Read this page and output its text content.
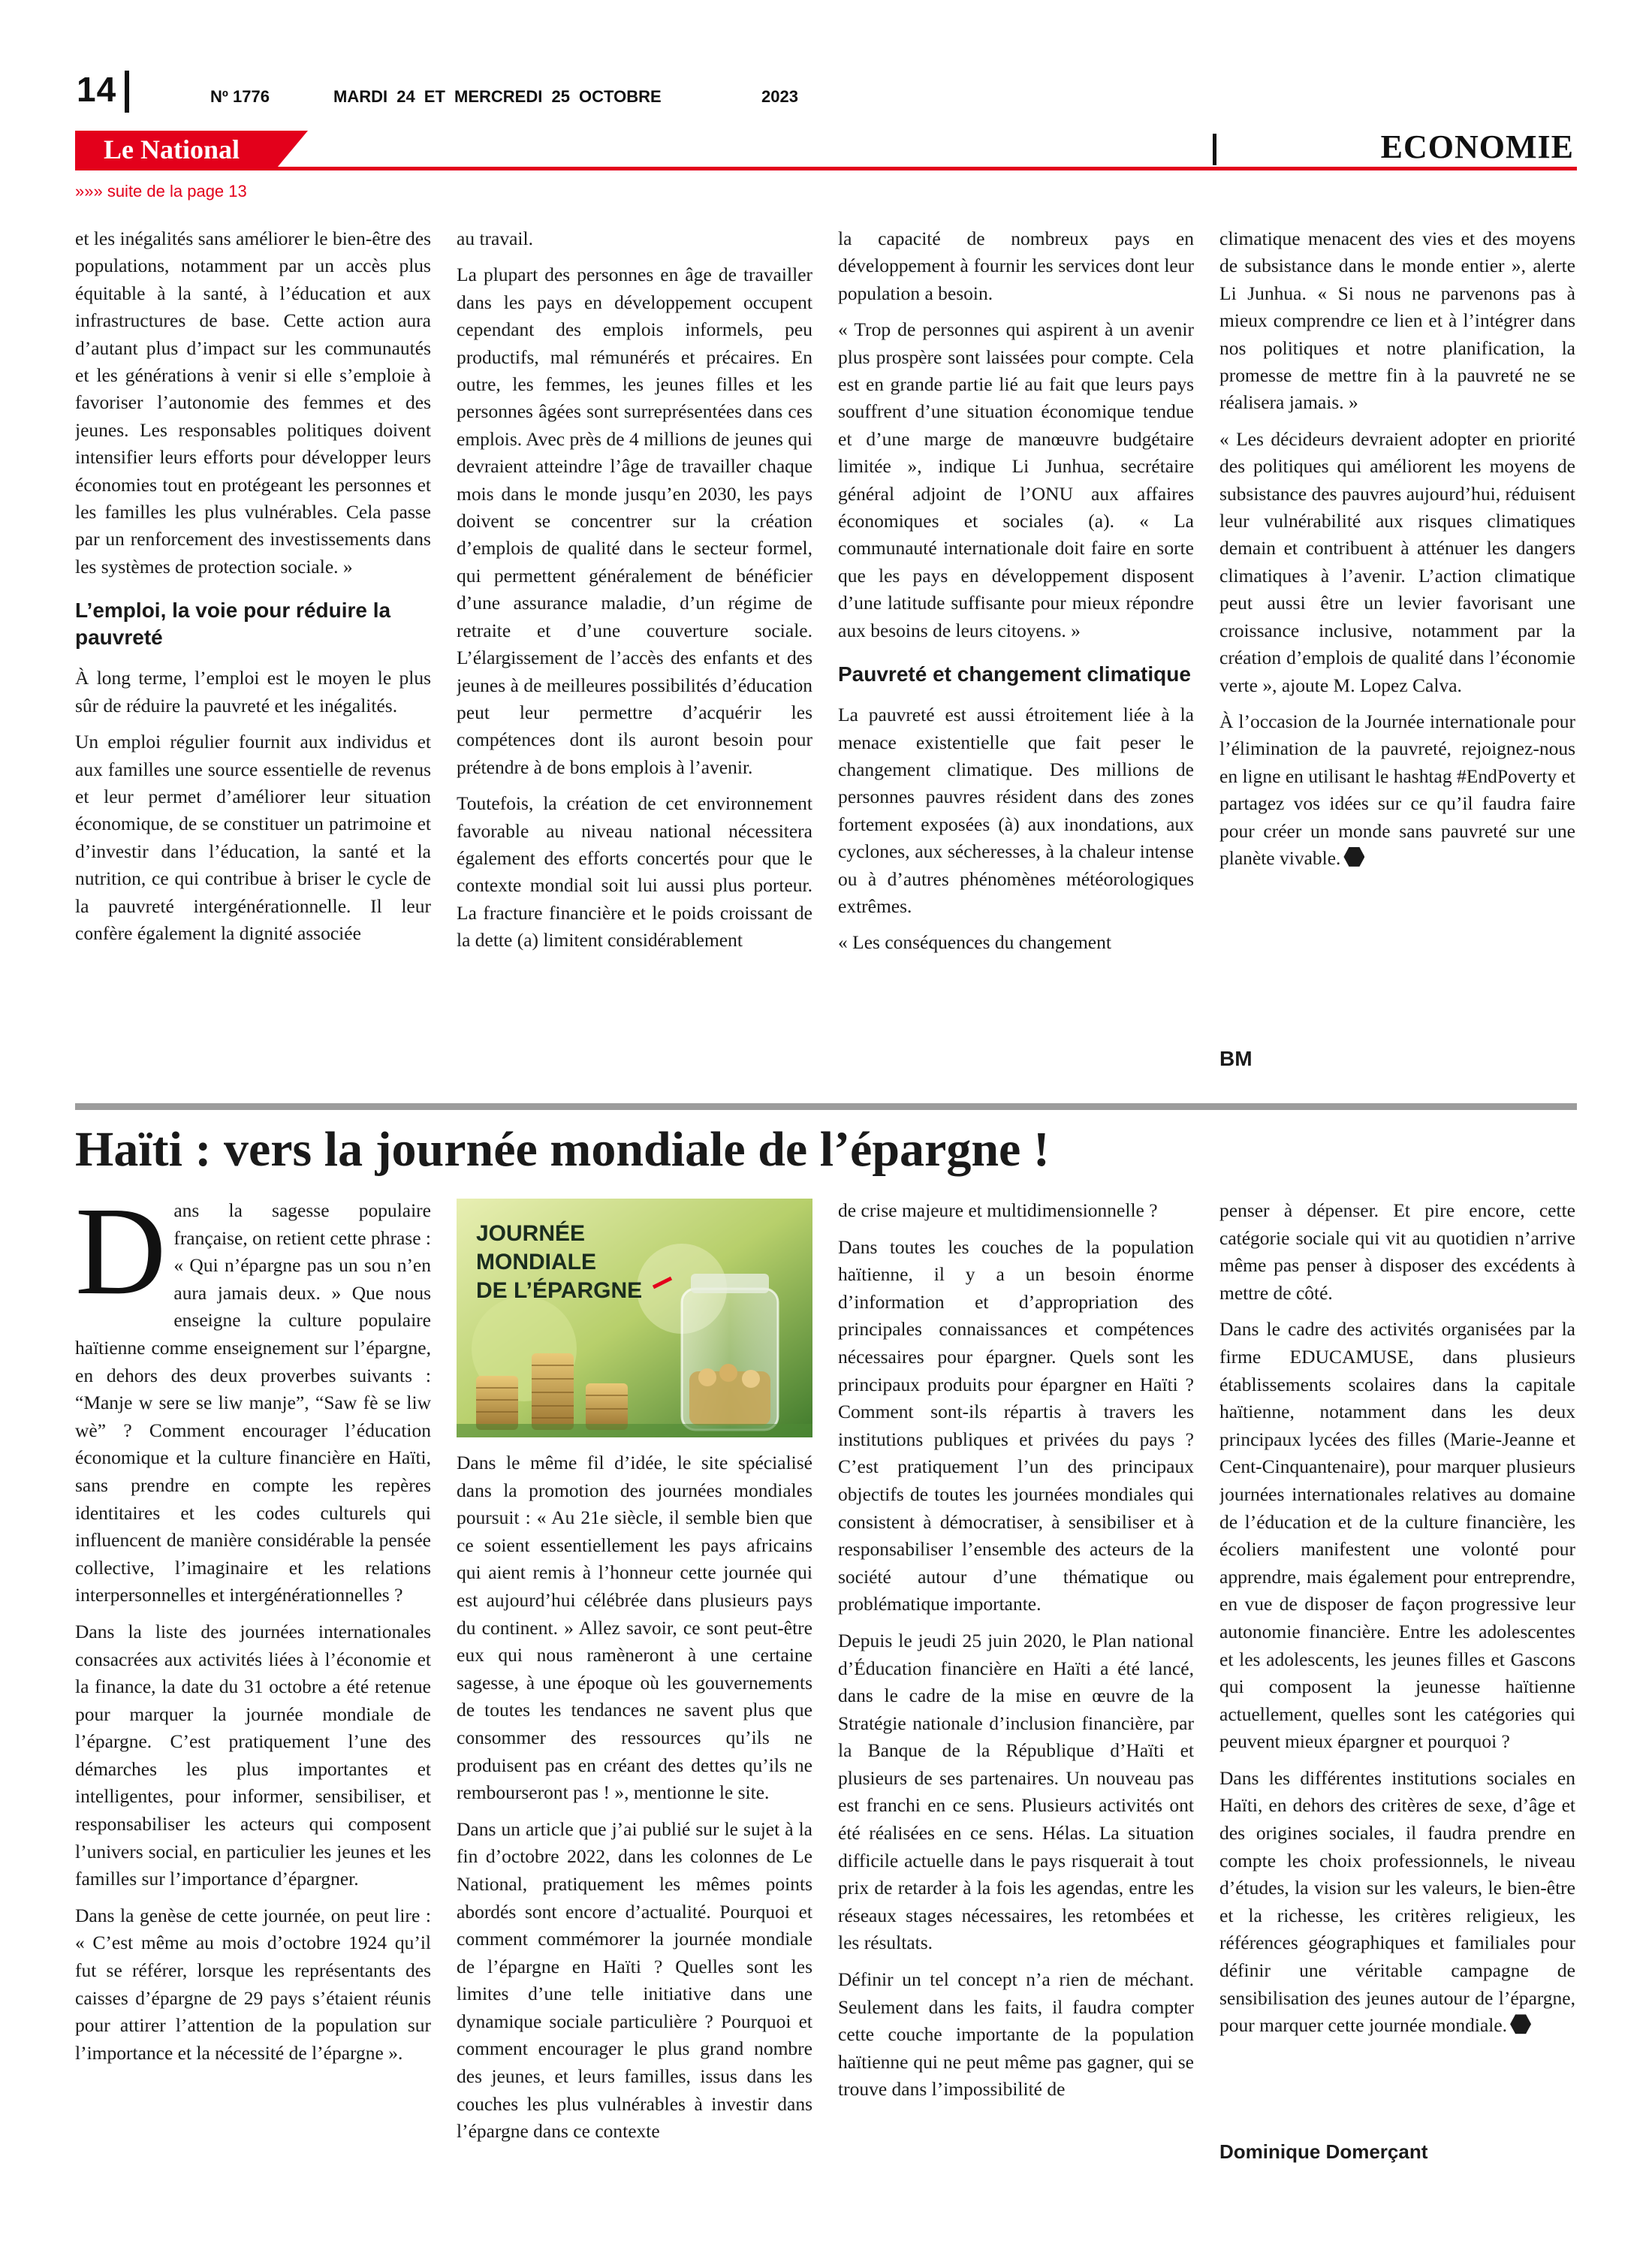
14	Nº 1776	MARDI 24 ET MERCREDI 25 OCTOBRE	2023
Le National	ECONOMIE
»»» suite de la page 13

et les inégalités sans améliorer le bien-être des populations, notamment par un accès plus équitable à la santé, à l’éducation et aux infrastructures de base. Cette action aura d’autant plus d’impact sur les communautés et les générations à venir si elle s’emploie à favoriser l’autonomie des femmes et des jeunes. Les responsables politiques doivent intensifier leurs efforts pour développer leurs économies tout en protégeant les personnes et les familles les plus vulnérables. Cela passe par un renforcement des investissements dans les systèmes de protection sociale. »

L’emploi, la voie pour réduire la pauvreté

À long terme, l’emploi est le moyen le plus sûr de réduire la pauvreté et les inégalités.

Un emploi régulier fournit aux individus et aux familles une source essentielle de revenus et leur permet d’améliorer leur situation économique, de se constituer un patrimoine et d’investir dans l’éducation, la santé et la nutrition, ce qui contribue à briser le cycle de la pauvreté intergénérationnelle. Il leur confère également la dignité associée

au travail.

La plupart des personnes en âge de travailler dans les pays en développement occupent cependant des emplois informels, peu productifs, mal rémunérés et précaires. En outre, les femmes, les jeunes filles et les personnes âgées sont surreprésentées dans ces emplois. Avec près de 4 millions de jeunes qui devraient atteindre l’âge de travailler chaque mois dans le monde jusqu’en 2030, les pays doivent se concentrer sur la création d’emplois de qualité dans le secteur formel, qui permettent généralement de bénéficier d’une assurance maladie, d’un régime de retraite et d’une couverture sociale. L’élargissement de l’accès des enfants et des jeunes à de meilleures possibilités d’éducation peut leur permettre d’acquérir les compétences dont ils auront besoin pour prétendre à de bons emplois à l’avenir.

Toutefois, la création de cet environnement favorable au niveau national nécessitera également des efforts concertés pour que le contexte mondial soit lui aussi plus porteur. La fracture financière et le poids croissant de la dette (a) limitent considérablement

la capacité de nombreux pays en développement à fournir les services dont leur population a besoin.

« Trop de personnes qui aspirent à un avenir plus prospère sont laissées pour compte. Cela est en grande partie lié au fait que leurs pays souffrent d’une situation économique tendue et d’une marge de manœuvre budgétaire limitée », indique Li Junhua, secrétaire général adjoint de l’ONU aux affaires économiques et sociales (a). « La communauté internationale doit faire en sorte que les pays en développement disposent d’une latitude suffisante pour mieux répondre aux besoins de leurs citoyens. »

Pauvreté et changement climatique

La pauvreté est aussi étroitement liée à la menace existentielle que fait peser le changement climatique. Des millions de personnes pauvres résident dans des zones fortement exposées (à) aux inondations, aux cyclones, aux sécheresses, à la chaleur intense ou à d’autres phénomènes météorologiques extrêmes.

« Les conséquences du changement

climatique menacent des vies et des moyens de subsistance dans le monde entier », alerte Li Junhua. « Si nous ne parvenons pas à mieux comprendre ce lien et à l’intégrer dans nos politiques et notre planification, la promesse de mettre fin à la pauvreté ne se réalisera jamais. »

« Les décideurs devraient adopter en priorité des politiques qui améliorent les moyens de subsistance des pauvres aujourd’hui, réduisent leur vulnérabilité aux risques climatiques demain et contribuent à atténuer les dangers climatiques à l’avenir. L’action climatique peut aussi être un levier favorisant une croissance inclusive, notamment par la création d’emplois de qualité dans l’économie verte », ajoute M. Lopez Calva.

À l’occasion de la Journée internationale pour l’élimination de la pauvreté, rejoignez-nous en ligne en utilisant le hashtag #EndPoverty et partagez vos idées sur ce qu’il faudra faire pour créer un monde sans pauvreté sur une planète vivable.

BM
Haïti : vers la journée mondiale de l’épargne !

Dans la sagesse populaire française, on retient cette phrase : « Qui n’épargne pas un sou n’en aura jamais deux. » Que nous enseigne la culture populaire haïtienne comme enseignement sur l’épargne, en dehors des deux proverbes suivants : “Manje w sere se liw manje”, “Saw fè se liw wè” ? Comment encourager l’éducation économique et la culture financière en Haïti, sans prendre en compte les repères identitaires et les codes culturels qui influencent de manière considérable la pensée collective, l’imaginaire et les relations interpersonnelles et intergénérationnelles ?

Dans la liste des journées internationales consacrées aux activités liées à l’économie et la finance, la date du 31 octobre a été retenue pour marquer la journée mondiale de l’épargne. C’est pratiquement l’une des démarches les plus importantes et intelligentes, pour informer, sensibiliser, et responsabiliser les acteurs qui composent l’univers social, en particulier les jeunes et les familles sur l’importance d’épargner.

Dans la genèse de cette journée, on peut lire : « C’est même au mois d’octobre 1924 qu’il fut se référer, lorsque les représentants des caisses d’épargne de 29 pays s’étaient réunis pour attirer l’attention de la population sur l’importance et la nécessité de l’épargne ».

JOURNÉE
MONDIALE
DE L’ÉPARGNE

Dans le même fil d’idée, le site spécialisé dans la promotion des journées mondiales poursuit : « Au 21e siècle, il semble bien que ce soient essentiellement les pays africains qui aient remis à l’honneur cette journée qui est aujourd’hui célébrée dans plusieurs pays du continent. » Allez savoir, ce sont peut-être eux qui nous ramèneront à une certaine sagesse, à une époque où les gouvernements de toutes les tendances ne savent plus que consommer des ressources qu’ils ne produisent pas en créant des dettes qu’ils ne rembourseront pas ! », mentionne le site.

Dans un article que j’ai publié sur le sujet à la fin d’octobre 2022, dans les colonnes de Le National, pratiquement les mêmes points abordés sont encore d’actualité. Pourquoi et comment commémorer la journée mondiale de l’épargne en Haïti ? Quelles sont les limites d’une telle initiative dans une dynamique sociale particulière ? Pourquoi et comment encourager le plus grand nombre des jeunes, et leurs familles, issus dans les couches les plus vulnérables à investir dans l’épargne dans ce contexte

de crise majeure et multidimensionnelle ?

Dans toutes les couches de la population haïtienne, il y a un besoin énorme d’information et d’appropriation des principales connaissances et compétences nécessaires pour épargner. Quels sont les principaux produits pour épargner en Haïti ? Comment sont-ils répartis à travers les institutions publiques et privées du pays ? C’est pratiquement l’un des principaux objectifs de toutes les journées mondiales qui consistent à démocratiser, à sensibiliser et à responsabiliser l’ensemble des acteurs de la société autour d’une thématique ou problématique importante.

Depuis le jeudi 25 juin 2020, le Plan national d’Éducation financière en Haïti a été lancé, dans le cadre de la mise en œuvre de la Stratégie nationale d’inclusion financière, par la Banque de la République d’Haïti et plusieurs de ses partenaires. Un nouveau pas est franchi en ce sens. Plusieurs activités ont été réalisées en ce sens. Hélas. La situation difficile actuelle dans le pays risquerait à tout prix de retarder à la fois les agendas, entre les réseaux stages nécessaires, les retombées et les résultats.

Définir un tel concept n’a rien de méchant. Seulement dans les faits, il faudra compter cette couche importante de la population haïtienne qui ne peut même pas gagner, qui se trouve dans l’impossibilité de

penser à dépenser. Et pire encore, cette catégorie sociale qui vit au quotidien n’arrive même pas penser à disposer des excédents à mettre de côté.

Dans le cadre des activités organisées par la firme EDUCAMUSE, dans plusieurs établissements scolaires dans la capitale haïtienne, notamment dans les deux principaux lycées des filles (Marie-Jeanne et Cent-Cinquantenaire), pour marquer plusieurs journées internationales relatives au domaine de l’éducation et de la culture financière, les écoliers manifestent une volonté pour apprendre, mais également pour entreprendre, en vue de disposer de façon progressive leur autonomie financière. Entre les adolescentes et les adolescents, les jeunes filles et Gascons qui composent la jeunesse haïtienne actuellement, quelles sont les catégories qui peuvent mieux épargner et pourquoi ?

Dans les différentes institutions sociales en Haïti, en dehors des critères de sexe, d’âge et des origines sociales, il faudra prendre en compte les choix professionnels, le niveau d’études, la vision sur les valeurs, le bien-être et la richesse, les critères religieux, les références géographiques et familiales pour définir une véritable campagne de sensibilisation des jeunes autour de l’épargne, pour marquer cette journée mondiale.

Dominique Domerçant
